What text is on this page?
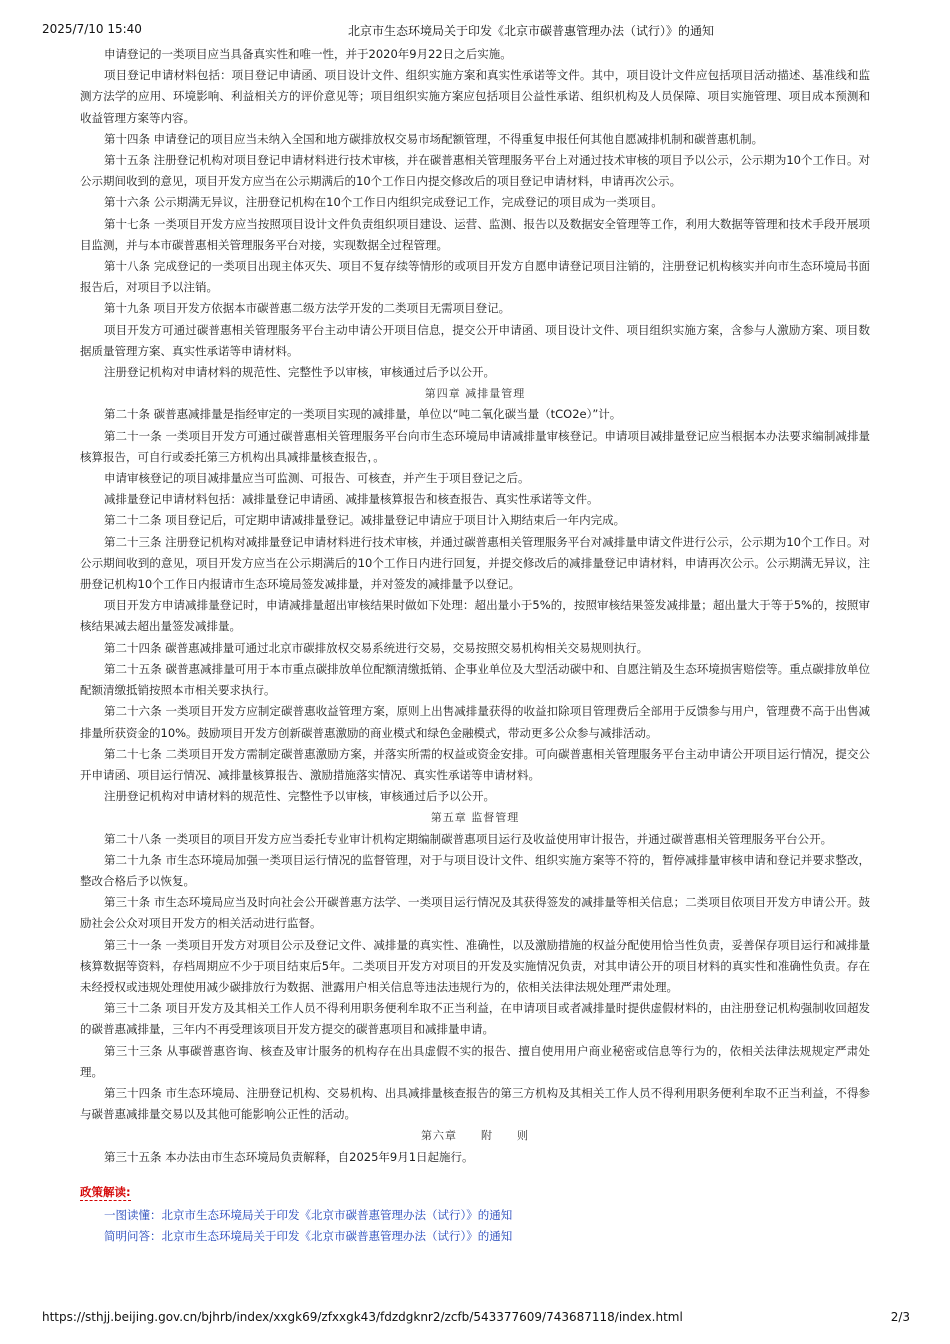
2025/7/10 15:40	北京市生态环境局关于印发《北京市碳普惠管理办法（试行）》的通知

申请登记的一类项目应当具备真实性和唯一性，并于2020年9月22日之后实施。

项目登记申请材料包括：项目登记申请函、项目设计文件、组织实施方案和真实性承诺等文件。其中，项目设计文件应包括项目活动描述、基准线和监测方法学的应用、环境影响、利益相关方的评价意见等；项目组织实施方案应包括项目公益性承诺、组织机构及人员保障、项目实施管理、项目成本预测和收益管理方案等内容。

第十四条 申请登记的项目应当未纳入全国和地方碳排放权交易市场配额管理，不得重复申报任何其他自愿减排机制和碳普惠机制。

第十五条 注册登记机构对项目登记申请材料进行技术审核，并在碳普惠相关管理服务平台上对通过技术审核的项目予以公示，公示期为10个工作日。对公示期间收到的意见，项目开发方应当在公示期满后的10个工作日内提交修改后的项目登记申请材料，申请再次公示。

第十六条 公示期满无异议，注册登记机构在10个工作日内组织完成登记工作，完成登记的项目成为一类项目。

第十七条 一类项目开发方应当按照项目设计文件负责组织项目建设、运营、监测、报告以及数据安全管理等工作，利用大数据等管理和技术手段开展项目监测，并与本市碳普惠相关管理服务平台对接，实现数据全过程管理。

第十八条 完成登记的一类项目出现主体灭失、项目不复存续等情形的或项目开发方自愿申请登记项目注销的，注册登记机构核实并向市生态环境局书面报告后，对项目予以注销。

第十九条 项目开发方依据本市碳普惠二级方法学开发的二类项目无需项目登记。

项目开发方可通过碳普惠相关管理服务平台主动申请公开项目信息，提交公开申请函、项目设计文件、项目组织实施方案，含参与人激励方案、项目数据质量管理方案、真实性承诺等申请材料。

注册登记机构对申请材料的规范性、完整性予以审核，审核通过后予以公开。

第四章 减排量管理

第二十条 碳普惠减排量是指经审定的一类项目实现的减排量，单位以“吨二氧化碳当量（tCO2e）”计。

第二十一条 一类项目开发方可通过碳普惠相关管理服务平台向市生态环境局申请减排量审核登记。申请项目减排量登记应当根据本办法要求编制减排量核算报告，可自行或委托第三方机构出具减排量核查报告，。

申请审核登记的项目减排量应当可监测、可报告、可核查，并产生于项目登记之后。

减排量登记申请材料包括：减排量登记申请函、减排量核算报告和核查报告、真实性承诺等文件。

第二十二条 项目登记后，可定期申请减排量登记。减排量登记申请应于项目计入期结束后一年内完成。

第二十三条 注册登记机构对减排量登记申请材料进行技术审核，并通过碳普惠相关管理服务平台对减排量申请文件进行公示，公示期为10个工作日。对公示期间收到的意见，项目开发方应当在公示期满后的10个工作日内进行回复，并提交修改后的减排量登记申请材料，申请再次公示。公示期满无异议，注册登记机构10个工作日内报请市生态环境局签发减排量，并对签发的减排量予以登记。

项目开发方申请减排量登记时，申请减排量超出审核结果时做如下处理：超出量小于5%的，按照审核结果签发减排量；超出量大于等于5%的，按照审核结果减去超出量签发减排量。

第二十四条 碳普惠减排量可通过北京市碳排放权交易系统进行交易，交易按照交易机构相关交易规则执行。

第二十五条 碳普惠减排量可用于本市重点碳排放单位配额清缴抵销、企事业单位及大型活动碳中和、自愿注销及生态环境损害赔偿等。重点碳排放单位配额清缴抵销按照本市相关要求执行。

第二十六条 一类项目开发方应制定碳普惠收益管理方案，原则上出售减排量获得的收益扣除项目管理费后全部用于反馈参与用户，管理费不高于出售减排量所获资金的10%。鼓励项目开发方创新碳普惠激励的商业模式和绿色金融模式，带动更多公众参与减排活动。

第二十七条 二类项目开发方需制定碳普惠激励方案，并落实所需的权益或资金安排。可向碳普惠相关管理服务平台主动申请公开项目运行情况，提交公开申请函、项目运行情况、减排量核算报告、激励措施落实情况、真实性承诺等申请材料。

注册登记机构对申请材料的规范性、完整性予以审核，审核通过后予以公开。

第五章 监督管理

第二十八条 一类项目的项目开发方应当委托专业审计机构定期编制碳普惠项目运行及收益使用审计报告，并通过碳普惠相关管理服务平台公开。

第二十九条 市生态环境局加强一类项目运行情况的监督管理，对于与项目设计文件、组织实施方案等不符的，暂停减排量审核申请和登记并要求整改，整改合格后予以恢复。

第三十条 市生态环境局应当及时向社会公开碳普惠方法学、一类项目运行情况及其获得签发的减排量等相关信息；二类项目依项目开发方申请公开。鼓励社会公众对项目开发方的相关活动进行监督。

第三十一条 一类项目开发方对项目公示及登记文件、减排量的真实性、准确性，以及激励措施的权益分配使用恰当性负责，妥善保存项目运行和减排量核算数据等资料，存档周期应不少于项目结束后5年。二类项目开发方对项目的开发及实施情况负责，对其申请公开的项目材料的真实性和准确性负责。存在未经授权或违规处理使用减少碳排放行为数据、泄露用户相关信息等违法违规行为的，依相关法律法规处理严肃处理。

第三十二条 项目开发方及其相关工作人员不得利用职务便利牟取不正当利益，在申请项目或者减排量时提供虚假材料的，由注册登记机构强制收回超发的碳普惠减排量，三年内不再受理该项目开发方提交的碳普惠项目和减排量申请。

第三十三条 从事碳普惠咨询、核查及审计服务的机构存在出具虚假不实的报告、擅自使用用户商业秘密或信息等行为的，依相关法律法规规定严肃处理。

第三十四条 市生态环境局、注册登记机构、交易机构、出具减排量核查报告的第三方机构及其相关工作人员不得利用职务便利牟取不正当利益，不得参与碳普惠减排量交易以及其他可能影响公正性的活动。

第六章　　附　　则

第三十五条 本办法由市生态环境局负责解释，自2025年9月1日起施行。

政策解读:
一图读懂：北京市生态环境局关于印发《北京市碳普惠管理办法（试行）》的通知
简明问答：北京市生态环境局关于印发《北京市碳普惠管理办法（试行）》的通知
https://sthjj.beijing.gov.cn/bjhrb/index/xxgk69/zfxxgk43/fdzdgknr2/zcfb/543377609/743687118/index.html	2/3
